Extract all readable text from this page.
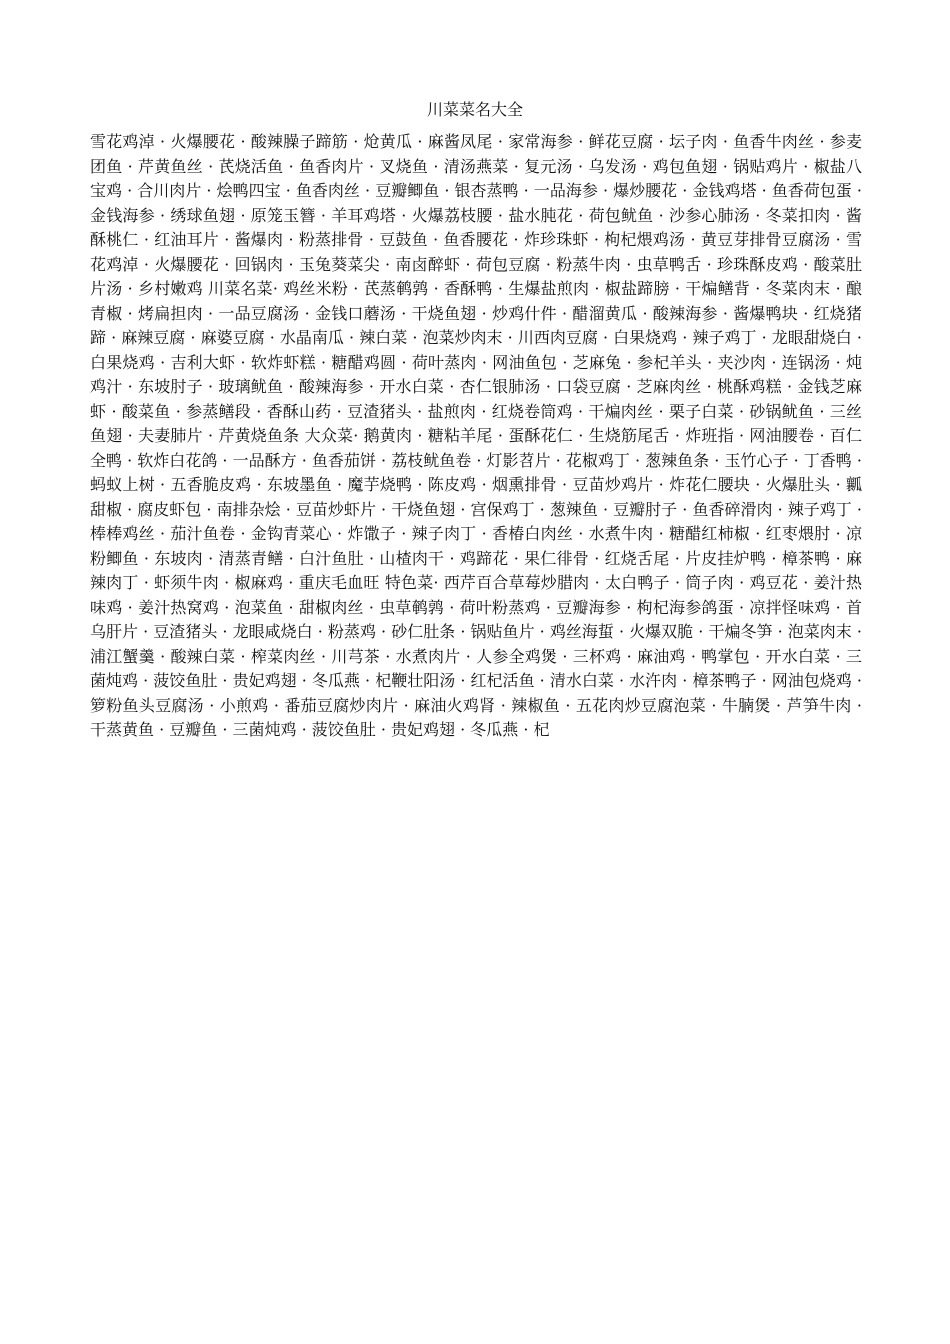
川菜菜名大全

雪花鸡淖 · 火爆腰花 · 酸辣臊子蹄筋 · 炝黄瓜 · 麻酱凤尾 · 家常海参 · 鲜花豆腐 · 坛子肉 · 鱼香牛肉丝 · 参麦团鱼 · 芹黄鱼丝 · 芪烧活鱼 · 鱼香肉片 · 叉烧鱼 · 清汤燕菜 · 复元汤 · 乌发汤 · 鸡包鱼翅 · 锅贴鸡片 · 椒盐八宝鸡 · 合川肉片 · 烩鸭四宝 · 鱼香肉丝 · 豆瓣鲫鱼 · 银杏蒸鸭 · 一品海参 · 爆炒腰花 · 金钱鸡塔 · 鱼香荷包蛋 · 金钱海参 · 绣球鱼翅 · 原笼玉簪 · 羊耳鸡塔 · 火爆荔枝腰 · 盐水肫花 · 荷包鱿鱼 · 沙参心肺汤 · 冬菜扣肉 · 酱酥桃仁 · 红油耳片 · 酱爆肉 · 粉蒸排骨 · 豆鼓鱼 · 鱼香腰花 · 炸珍珠虾 · 枸杞煨鸡汤 · 黄豆芽排骨豆腐汤 · 雪花鸡淖 · 火爆腰花 · 回锅肉 · 玉兔葵菜尖 · 南卤醉虾 · 荷包豆腐 · 粉蒸牛肉 · 虫草鸭舌 · 珍珠酥皮鸡 · 酸菜肚片汤 · 乡村嫩鸡 川菜名菜· 鸡丝米粉 · 芪蒸鹌鹑 · 香酥鸭 · 生爆盐煎肉 · 椒盐蹄膀 · 干煸鳝背 · 冬菜肉末 · 酿青椒 · 烤扁担肉 · 一品豆腐汤 · 金钱口蘑汤 · 干烧鱼翅 · 炒鸡什件 · 醋溜黄瓜 · 酸辣海参 · 酱爆鸭块 · 红烧猪蹄 · 麻辣豆腐 · 麻婆豆腐 · 水晶南瓜 · 辣白菜 · 泡菜炒肉末 · 川西肉豆腐 · 白果烧鸡 · 辣子鸡丁 · 龙眼甜烧白 · 白果烧鸡 · 吉利大虾 · 软炸虾糕 · 糖醋鸡圆 · 荷叶蒸肉 · 网油鱼包 · 芝麻兔 · 参杞羊头 · 夹沙肉 · 连锅汤 · 炖鸡汁 · 东坡肘子 · 玻璃鱿鱼 · 酸辣海参 · 开水白菜 · 杏仁银肺汤 · 口袋豆腐 · 芝麻肉丝 · 桃酥鸡糕 · 金钱芝麻虾 · 酸菜鱼 · 参蒸鳝段 · 香酥山药 · 豆渣猪头 · 盐煎肉 · 红烧卷筒鸡 · 干煸肉丝 · 栗子白菜 · 砂锅鱿鱼 · 三丝鱼翅 · 夫妻肺片 · 芹黄烧鱼条 大众菜· 鹅黄肉 · 糖粘羊尾 · 蛋酥花仁 · 生烧筋尾舌 · 炸班指 · 网油腰卷 · 百仁全鸭 · 软炸白花鸽 · 一品酥方 · 鱼香茄饼 · 荔枝鱿鱼卷 · 灯影苕片 · 花椒鸡丁 · 葱辣鱼条 · 玉竹心子 · 丁香鸭 · 蚂蚁上树 · 五香脆皮鸡 · 东坡墨鱼 · 魔芋烧鸭 · 陈皮鸡 · 烟熏排骨 · 豆苗炒鸡片 · 炸花仁腰块 · 火爆肚头 · 瓤甜椒 · 腐皮虾包 · 南排杂烩 · 豆苗炒虾片 · 干烧鱼翅 · 宫保鸡丁 · 葱辣鱼 · 豆瓣肘子 · 鱼香碎滑肉 · 辣子鸡丁 · 棒棒鸡丝 · 茄汁鱼卷 · 金钩青菜心 · 炸馓子 · 辣子肉丁 · 香椿白肉丝 · 水煮牛肉 · 糖醋红柿椒 · 红枣煨肘 · 凉粉鲫鱼 · 东坡肉 · 清蒸青鳝 · 白汁鱼肚 · 山楂肉干 · 鸡蹄花 · 果仁徘骨 · 红烧舌尾 · 片皮挂炉鸭 · 樟茶鸭 · 麻辣肉丁 · 虾须牛肉 · 椒麻鸡 · 重庆毛血旺 特色菜· 西芹百合草莓炒腊肉 · 太白鸭子 · 筒子肉 · 鸡豆花 · 姜汁热味鸡 · 姜汁热窝鸡 · 泡菜鱼 · 甜椒肉丝 · 虫草鹌鹑 · 荷叶粉蒸鸡 · 豆瓣海参 · 枸杞海参鸽蛋 · 凉拌怪味鸡 · 首乌肝片 · 豆渣猪头 · 龙眼咸烧白 · 粉蒸鸡 · 砂仁肚条 · 锅贴鱼片 · 鸡丝海蜇 · 火爆双脆 · 干煸冬笋 · 泡菜肉末 · 浦江蟹羹 · 酸辣白菜 · 榨菜肉丝 · 川芎茶 · 水煮肉片 · 人参全鸡煲 · 三杯鸡 · 麻油鸡 · 鸭掌包 · 开水白菜 · 三菌炖鸡 · 菠饺鱼肚 · 贵妃鸡翅 · 冬瓜燕 · 杞鞭壮阳汤 · 红杞活鱼 · 清水白菜 · 水汻肉 · 樟茶鸭子 · 网油包烧鸡 · 箩粉鱼头豆腐汤 · 小煎鸡 · 番茄豆腐炒肉片 · 麻油火鸡肾 · 辣椒鱼 · 五花肉炒豆腐泡菜 · 牛腩煲 · 芦笋牛肉 · 干蒸黄鱼 · 豆瓣鱼 · 三菌炖鸡 · 菠饺鱼肚 · 贵妃鸡翅 · 冬瓜燕 · 杞
